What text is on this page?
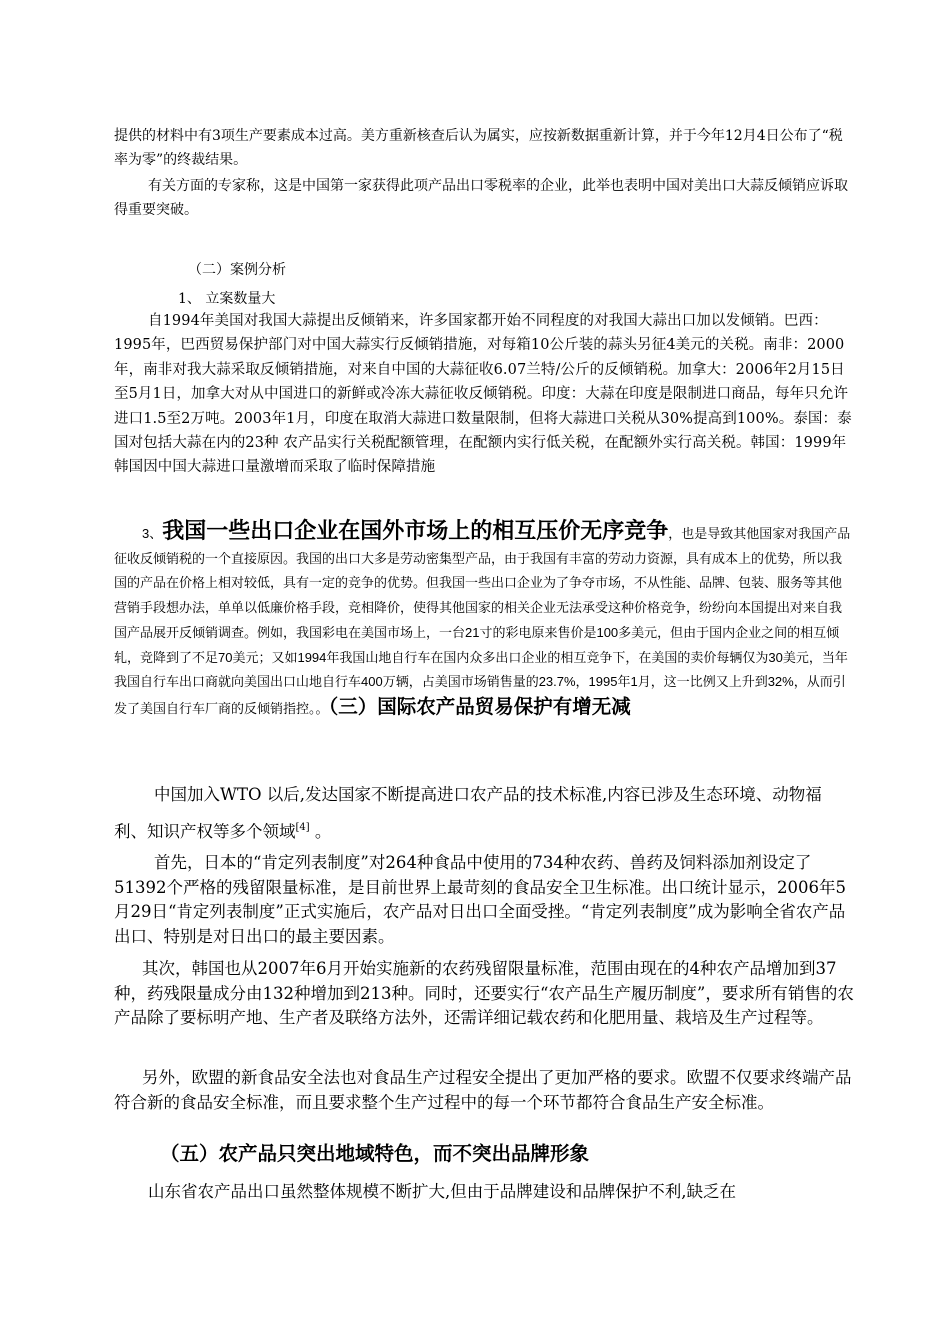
提供的材料中有3项生产要素成本过高。美方重新核查后认为属实，应按新数据重新计算，并于今年12月4日公布了“税率为零”的终裁结果。

有关方面的专家称，这是中国第一家获得此项产品出口零税率的企业，此举也表明中国对美出口大蒜反倾销应诉取得重要突破。

（二）案例分析
1、 立案数量大

自1994年美国对我国大蒜提出反倾销来，许多国家都开始不同程度的对我国大蒜出口加以发倾销。巴西：1995年，巴西贸易保护部门对中国大蒜实行反倾销措施，对每箱10公斤装的蒜头另征4美元的关税。南非：2000年，南非对我大蒜采取反倾销措施，对来自中国的大蒜征收6.07兰特/公斤的反倾销税。加拿大：2006年2月15日至5月1日，加拿大对从中国进口的新鲜或冷冻大蒜征收反倾销税。印度：大蒜在印度是限制进口商品，每年只允许进口1.5至2万吨。2003年1月，印度在取消大蒜进口数量限制，但将大蒜进口关税从30%提高到100%。泰国：泰国对包括大蒜在内的23种 农产品实行关税配额管理，在配额内实行低关税，在配额外实行高关税。韩国：1999年韩国因中国大蒜进口量激增而采取了临时保障措施

3、我国一些出口企业在国外市场上的相互压价无序竞争，也是导致其他国家对我国产品征收反倾销税的一个直接原因。我国的出口大多是劳动密集型产品，由于我国有丰富的劳动力资源，具有成本上的优势，所以我国的产品在价格上相对较低，具有一定的竞争的优势。但我国一些出口企业为了争夺市场，不从性能、品牌、包装、服务等其他营销手段想办法，单单以低廉价格手段，竞相降价，使得其他国家的相关企业无法承受这种价格竞争，纷纷向本国提出对来自我国产品展开反倾销调查。例如，我国彩电在美国市场上，一台21寸的彩电原来售价是100多美元，但由于国内企业之间的相互倾轧，竞降到了不足70美元；又如1994年我国山地自行车在国内众多出口企业的相互竞争下，在美国的卖价每辆仅为30美元，当年我国自行车出口商就向美国出口山地自行车400万辆，占美国市场销售量的23.7%，1995年1月，这一比例又上升到32%，从而引发了美国自行车厂商的反倾销指控。。（三）国际农产品贸易保护有增无减

中国加入WTO 以后,发达国家不断提高进口农产品的技术标准,内容已涉及生态环境、动物福利、知识产权等多个领域[4] 。

首先，日本的“肯定列表制度”对264种食品中使用的734种农药、兽药及饲料添加剂设定了51392个严格的残留限量标准，是目前世界上最苛刻的食品安全卫生标准。出口统计显示，2006年5月29日“肯定列表制度”正式实施后，农产品对日出口全面受挫。“肯定列表制度”成为影响全省农产品出口、特别是对日出口的最主要因素。

其次，韩国也从2007年6月开始实施新的农药残留限量标准，范围由现在的4种农产品增加到37种，药残限量成分由132种增加到213种。同时，还要实行“农产品生产履历制度”，要求所有销售的农产品除了要标明产地、生产者及联络方法外，还需详细记载农药和化肥用量、栽培及生产过程等。

另外，欧盟的新食品安全法也对食品生产过程安全提出了更加严格的要求。欧盟不仅要求终端产品符合新的食品安全标准，而且要求整个生产过程中的每一个环节都符合食品生产安全标准。

（五）农产品只突出地域特色，而不突出品牌形象

山东省农产品出口虽然整体规模不断扩大,但由于品牌建设和品牌保护不利,缺乏在
